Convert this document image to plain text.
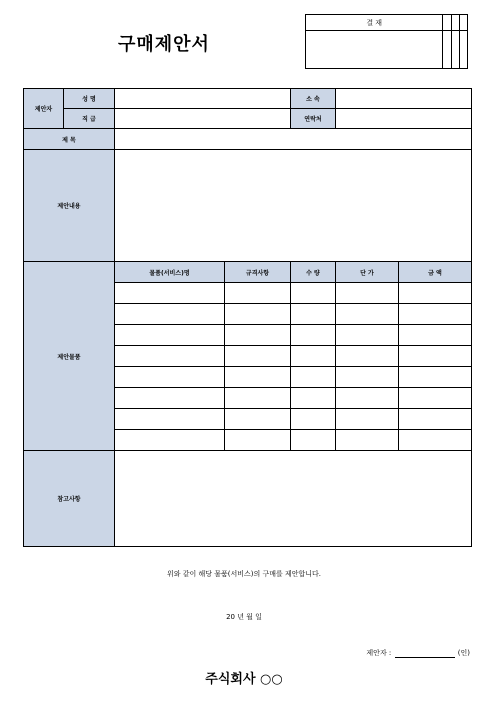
구매제안서
결 재			

제안자	성 명			소 속		
	직 급			연락처		
제 목						
제안내용						
제안물품		물품(서비스)명	규격사항	수 량	단 가	금 액

참고사항						
위와 같이 해당 물품(서비스)의 구매를 제안합니다.
20 년 월 일
제안자 :	(인)
주식회사 ○○
